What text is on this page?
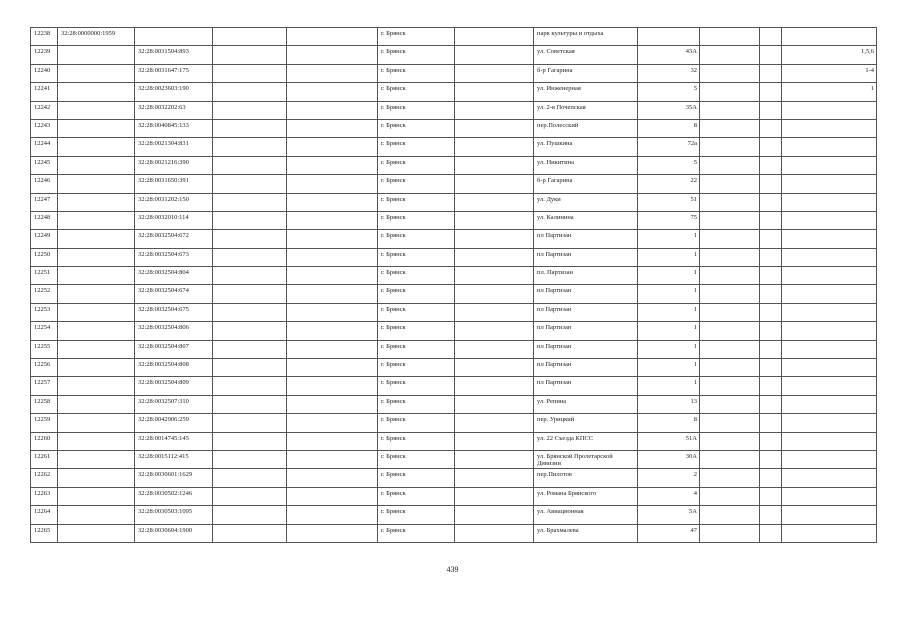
12238	32:28:0000000:1959				г. Брянск		парк культуры и отдыха				
12239		32:28:0031504:893			г. Брянск		ул. Советская	43А			1,5,6
12240		32:28:0031647:175			г. Брянск		б-р Гагарина	32			1-4
12241		32:28:0023603:190			г. Брянск		ул. Инженерная	5			1
12242		32:28:0032202:63			г. Брянск		ул. 2-я Почепская	35А			
12243		32:28:0040845:133			г. Брянск		пер.Полесский	8			
12244		32:28:0021304:831			г. Брянск		ул. Пушкина	72а			
12245		32:28:0021216:390			г. Брянск		ул. Никитина	5			
12246		32:28:0031650:391			г. Брянск		б-р Гагарина	22			
12247		32:28:0031202:150			г. Брянск		ул. Дуки	51			
12248		32:28:0032010:114			г. Брянск		ул. Калинина	75			
12249		32:28:0032504:672			г. Брянск		пл Партизан	1			
12250		32:28:0032504:673			г. Брянск		пл Партизан	1			
12251		32:28:0032504:804			г. Брянск		пл. Партизан	1			
12252		32:28:0032504:674			г. Брянск		пл Партизан	1			
12253		32:28:0032504:675			г. Брянск		пл Партизан	1			
12254		32:28:0032504:806			г. Брянск		пл Партизан	1			
12255		32:28:0032504:807			г. Брянск		пл Партизан	1			
12256		32:28:0032504:808			г. Брянск		пл Партизан	1			
12257		32:28:0032504:809			г. Брянск		пл Партизан	1			
12258		32:28:0032507:310			г. Брянск		ул. Репина	13			
12259		32:28:0042906:259			г. Брянск		пер. Урицкий	8			
12260		32:28:0014745:145			г. Брянск		ул. 22 Съезда КПСС	51А			
12261		32:28:0015112:415			г. Брянск		ул. Брянской Пролетарской Дивизии	30А			
12262		32:28:0030601:1629			г. Брянск		пер.Пилотов	2			
12263		32:28:0030502:1246			г. Брянск		ул. Романа Брянского	4			
12264		32:28:0030503:1095			г. Брянск		ул. Авиационная	5А			
12265		32:28:0030604:1900			г. Брянск		ул. Брахмалева	47			
439
